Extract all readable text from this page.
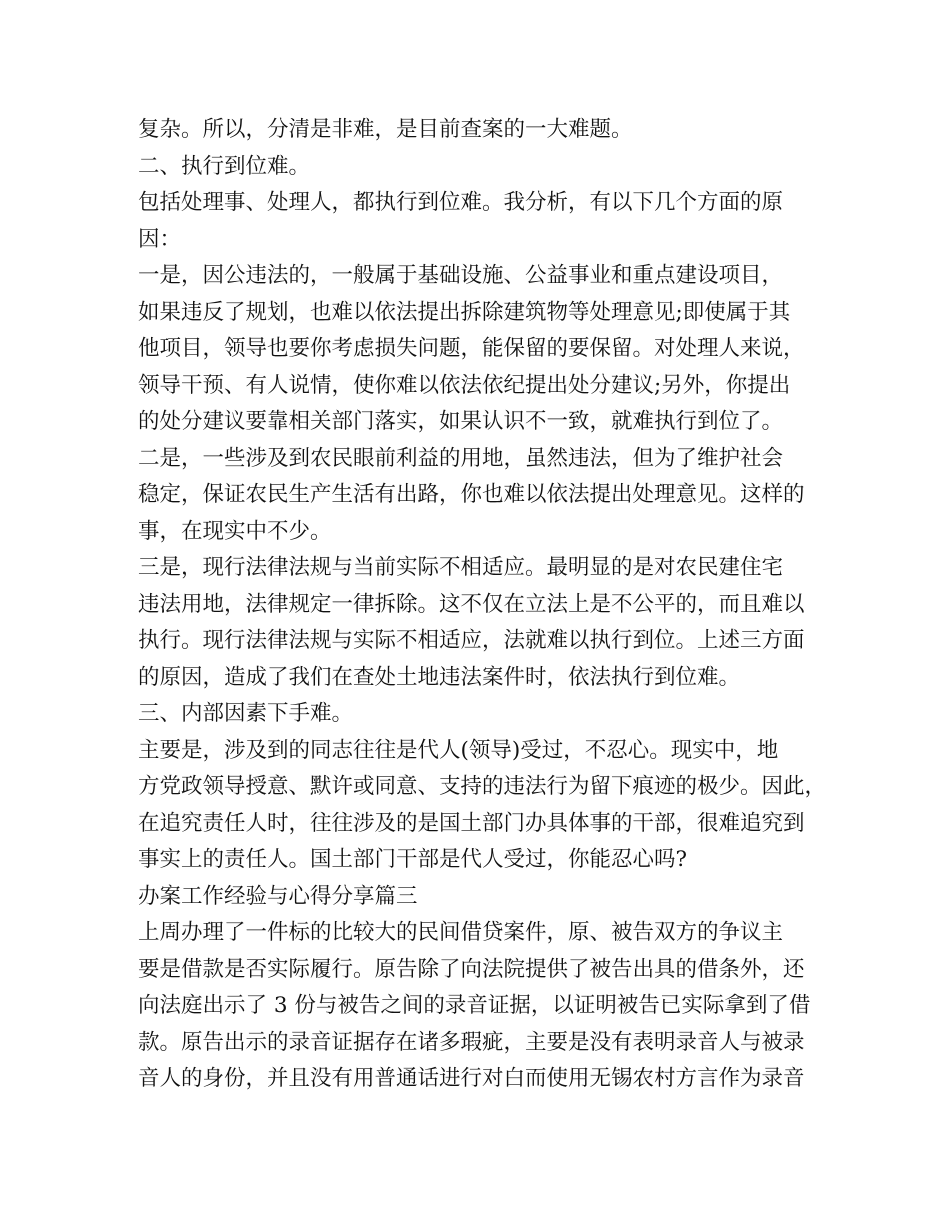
复杂。所以，分清是非难，是目前查案的一大难题。
二、执行到位难。
包括处理事、处理人，都执行到位难。我分析，有以下几个方面的原
因：
一是，因公违法的，一般属于基础设施、公益事业和重点建设项目，
如果违反了规划，也难以依法提出拆除建筑物等处理意见;即使属于其
他项目，领导也要你考虑损失问题，能保留的要保留。对处理人来说，
领导干预、有人说情，使你难以依法依纪提出处分建议;另外，你提出
的处分建议要靠相关部门落实，如果认识不一致，就难执行到位了。
二是，一些涉及到农民眼前利益的用地，虽然违法，但为了维护社会
稳定，保证农民生产生活有出路，你也难以依法提出处理意见。这样的
事，在现实中不少。
三是，现行法律法规与当前实际不相适应。最明显的是对农民建住宅
违法用地，法律规定一律拆除。这不仅在立法上是不公平的，而且难以
执行。现行法律法规与实际不相适应，法就难以执行到位。上述三方面
的原因，造成了我们在查处土地违法案件时，依法执行到位难。
三、内部因素下手难。
主要是，涉及到的同志往往是代人(领导)受过，不忍心。现实中，地
方党政领导授意、默许或同意、支持的违法行为留下痕迹的极少。因此，
在追究责任人时，往往涉及的是国土部门办具体事的干部，很难追究到
事实上的责任人。国土部门干部是代人受过，你能忍心吗?
办案工作经验与心得分享篇三
上周办理了一件标的比较大的民间借贷案件，原、被告双方的争议主
要是借款是否实际履行。原告除了向法院提供了被告出具的借条外，还
向法庭出示了 3 份与被告之间的录音证据，以证明被告已实际拿到了借
款。原告出示的录音证据存在诸多瑕疵，主要是没有表明录音人与被录
音人的身份，并且没有用普通话进行对白而使用无锡农村方言作为录音
